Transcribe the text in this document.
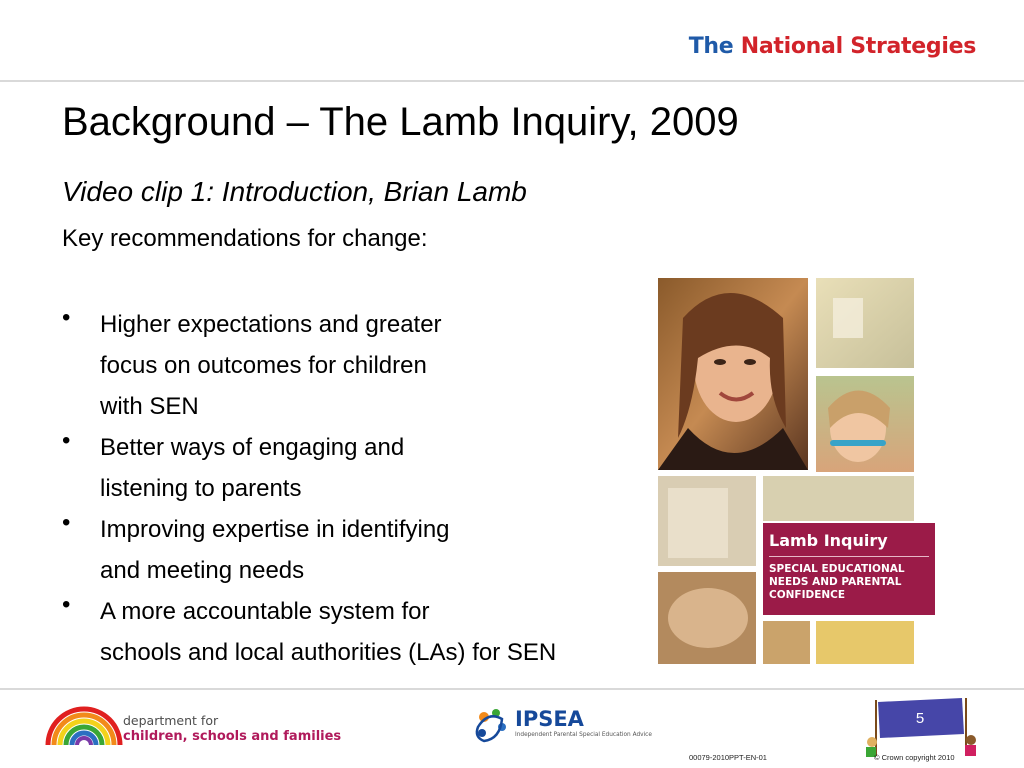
The National Strategies
Background – The Lamb Inquiry, 2009
Video clip 1: Introduction, Brian Lamb
Key recommendations for change:
• Higher expectations and greater
focus on outcomes for children
with SEN
• Better ways of engaging and
listening to parents
• Improving expertise in identifying
and meeting needs
• A more accountable system for
schools and local authorities (LAs) for SEN
Lamb Inquiry
SPECIAL EDUCATIONAL
NEEDS AND PARENTAL
CONFIDENCE
department for
children, schools and families
IPSEA
Independent Parental Special Education Advice
5
00079-2010PPT-EN-01	© Crown copyright 2010
